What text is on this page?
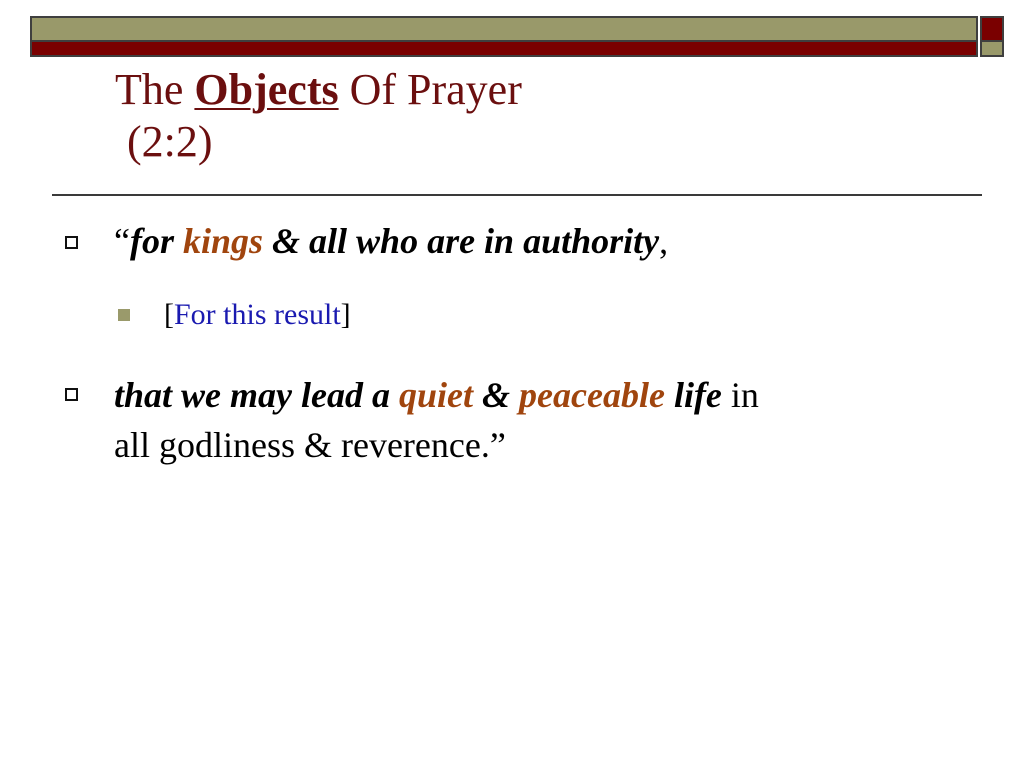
The Objects Of Prayer
(2:2)
“for kings & all who are in authority,
[For this result]
that we may lead a quiet & peaceable life in
all godliness & reverence.”
